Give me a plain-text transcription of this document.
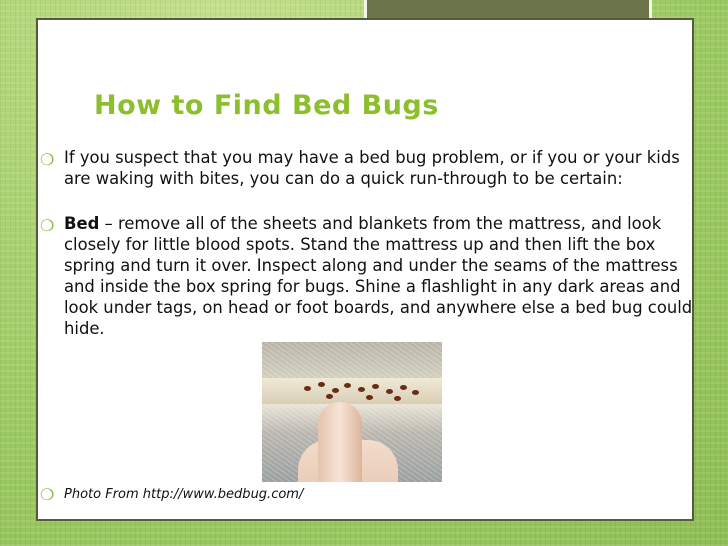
How to Find Bed Bugs
❍ If you suspect that you may have a bed bug problem, or if you or your kids are waking with bites, you can do a quick run-through to be certain:
❍ Bed – remove all of the sheets and blankets from the mattress, and look closely for little blood spots. Stand the mattress up and then lift the box spring and turn it over. Inspect along and under the seams of the mattress and inside the box spring for bugs. Shine a flashlight in any dark areas and look under tags, on head or foot boards, and anywhere else a bed bug could hide.
❍ Photo From http://www.bedbug.com/
